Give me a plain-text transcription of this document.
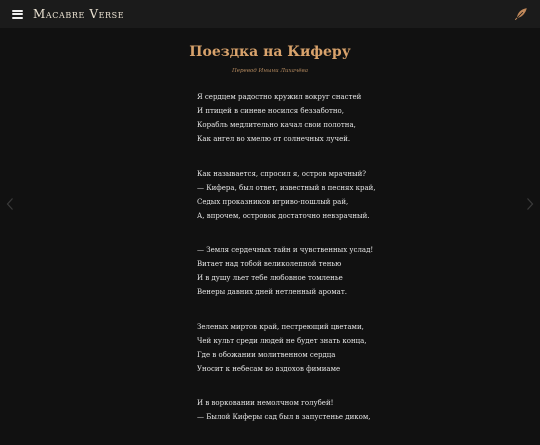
Macabre Verse
Поездка на Киферу
Перевод Иныни Лихачёва
Я сердцем радостно кружил вокруг снастей
И птицей в синеве носился беззаботно,
Корабль медлительно качал свои полотна,
Как ангел во хмелю от солнечных лучей.
Как называется, спросил я, остров мрачный?
— Кифера, был ответ, известный в песнях край,
Седых проказников игриво-пошлый рай,
А, впрочем, островок достаточно невзрачный.
— Земля сердечных тайн и чувственных услад!
Витает над тобой великолепной тенью
И в душу льет тебе любовное томленье
Венеры давних дней нетленный аромат.
Зеленых миртов край, пестреющий цветами,
Чей культ среди людей не будет знать конца,
Где в обожании молитвенном сердца
Уносит к небесам во вздохов фимиаме
И в ворковании немолчном голубей!
— Былой Киферы сад был в запустенье диком,
